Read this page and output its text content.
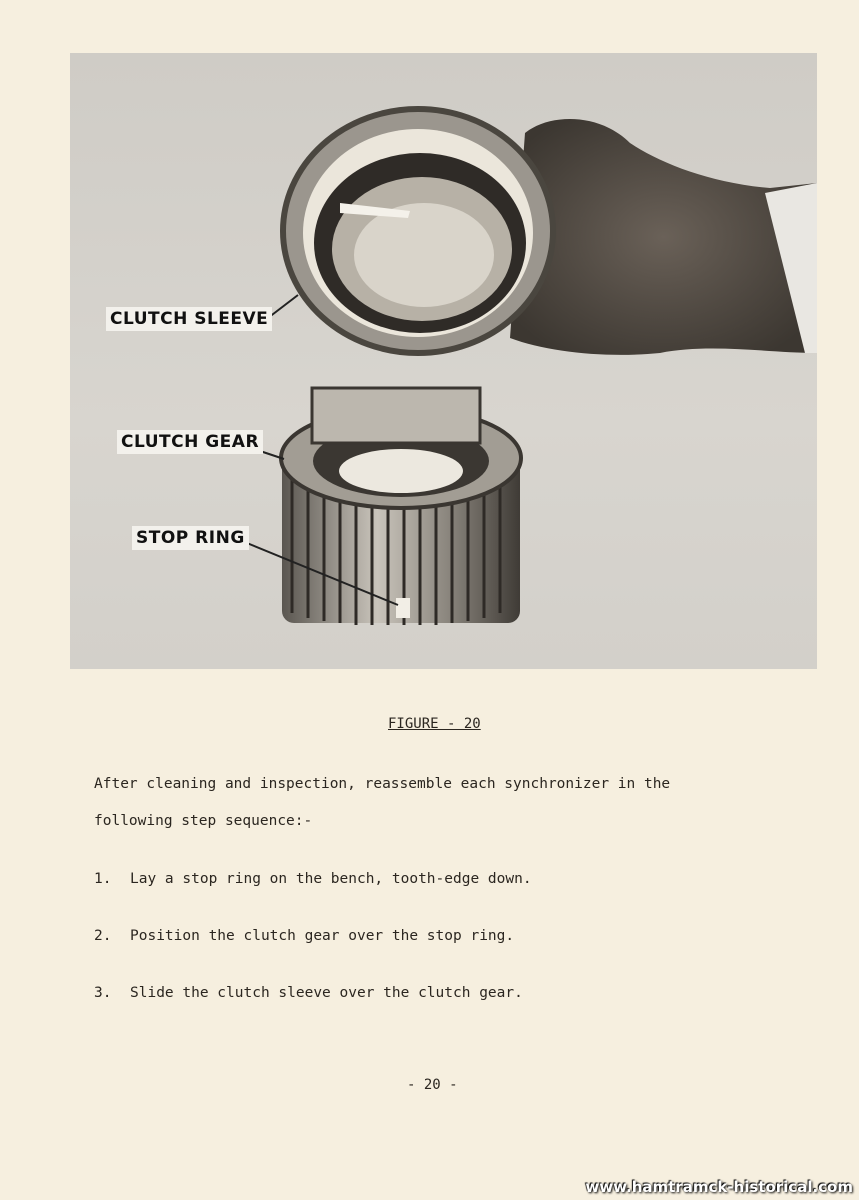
CLUTCH SLEEVE
CLUTCH GEAR
STOP RING
FIGURE - 20
After cleaning and inspection, reassemble each synchronizer in the
following step sequence:-
1. Lay a stop ring on the bench, tooth-edge down.
2. Position the clutch gear over the stop ring.
3. Slide the clutch sleeve over the clutch gear.
- 20 -
www.hamtramck-historical.com
